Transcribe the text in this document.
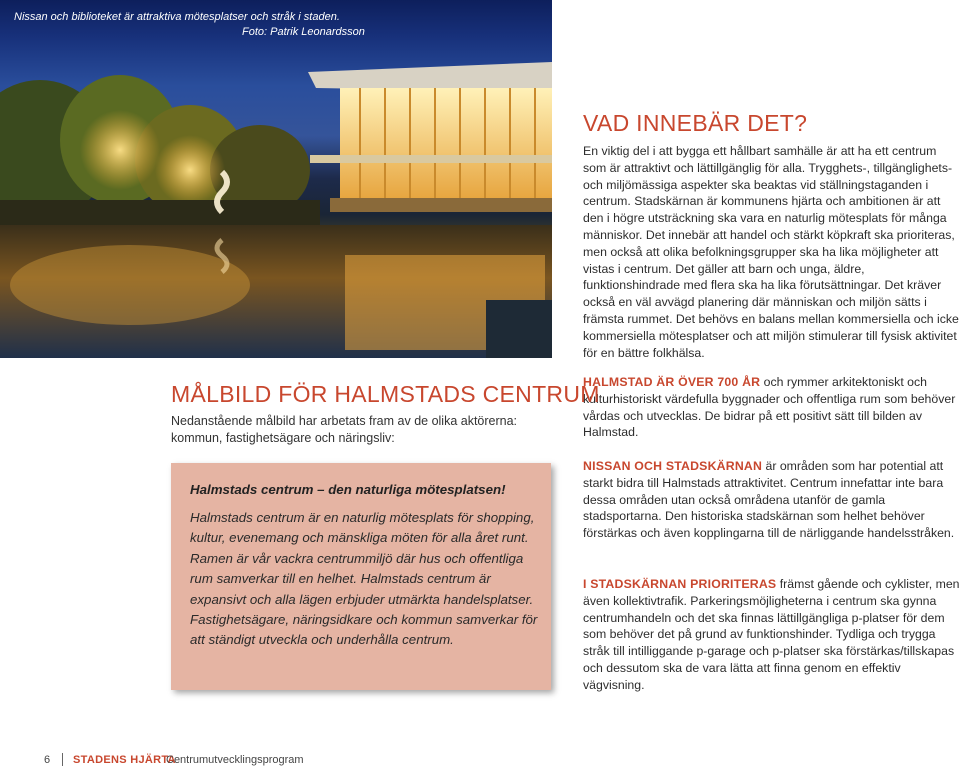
Nissan och biblioteket är attraktiva mötesplatser och stråk i staden.
Foto: Patrik Leonardsson
VAD INNEBÄR DET?

En viktig del i att bygga ett hållbart samhälle är att ha ett centrum som är attraktivt och lättillgänglig för alla. Trygghets-, tillgänglighets- och miljömässiga aspekter ska beaktas vid ställningstaganden i centrum. Stadskärnan är kommunens hjärta och ambitionen är att den i högre utsträckning ska vara en naturlig mötesplats för många människor. Det innebär att handel och stärkt köpkraft ska prioriteras, men också att olika befolkningsgrupper ska ha lika möjligheter att vistas i centrum. Det gäller att barn och unga, äldre, funktionshindrade med flera ska ha lika förutsättningar. Det kräver också en väl avvägd planering där människan och miljön sätts i främsta rummet. Det behövs en balans mellan kommersiella och icke kommersiella mötesplatser och att miljön stimulerar till fysisk aktivitet för en bättre folkhälsa.

HALMSTAD ÄR ÖVER 700 ÅR och rymmer arkitektoniskt och kulturhistoriskt värdefulla byggnader och offentliga rum som behöver vårdas och utvecklas. De bidrar på ett positivt sätt till bilden av Halmstad.

NISSAN OCH STADSKÄRNAN är områden som har potential att starkt bidra till Halmstads attraktivitet. Centrum innefattar inte bara dessa områden utan också områdena utanför de gamla stadsportarna. Den historiska stadskärnan som helhet behöver förstärkas och även kopplingarna till de närliggande handelsstråken.

I STADSKÄRNAN PRIORITERAS främst gående och cyklister, men även kollektivtrafik. Parkeringsmöjligheterna i centrum ska gynna centrumhandeln och det ska finnas lättillgängliga p-platser för dem som behöver det på grund av funktionshinder. Tydliga och trygga stråk till intilliggande p-garage och p-platser ska förstärkas/tillskapas och dessutom ska de vara lätta att finna genom en effektiv vägvisning.

MÅLBILD FÖR HALMSTADS CENTRUM
Nedanstående målbild har arbetats fram av de olika aktörerna: kommun, fastighetsägare och näringsliv:
Halmstads centrum – den naturliga mötesplatsen!
Halmstads centrum är en naturlig mötesplats för shopping, kultur, evenemang och mänskliga möten för alla året runt. Ramen är vår vackra centrummiljö där hus och offentliga rum samverkar till en helhet. Halmstads centrum är expansivt och alla lägen erbjuder utmärkta handelsplatser. Fastighetsägare, näringsidkare och kommun samverkar för att ständigt utveckla och underhålla centrum.
6 STADENS HJÄRTA
Centrumutvecklingsprogram
